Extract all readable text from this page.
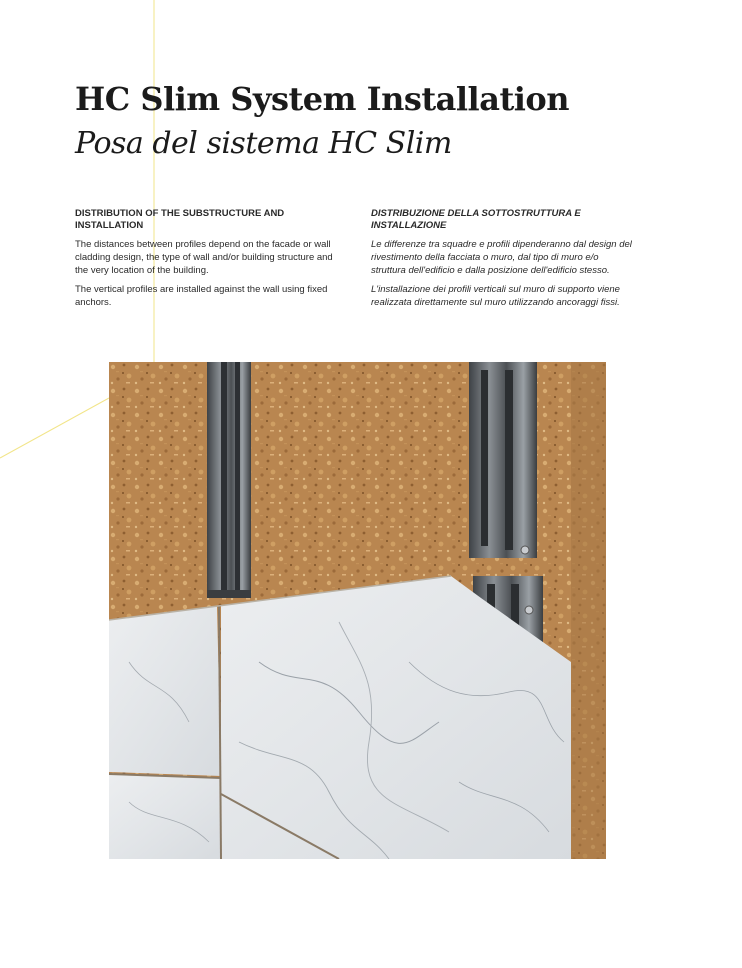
HC Slim System Installation
Posa del sistema HC Slim
DISTRIBUTION OF THE SUBSTRUCTURE AND INSTALLATION

The distances between profiles depend on the facade or wall cladding design, the type of wall and/or building structure and the very location of the building.

The vertical profiles are installed against the wall using fixed anchors.

DISTRIBUZIONE DELLA SOTTOSTRUTTURA E INSTALLAZIONE

Le differenze tra squadre e profili dipenderanno dal design del rivestimento della facciata o muro, dal tipo di muro e/o struttura dell'edificio e dalla posizione dell'edificio stesso.

L'installazione dei profili verticali sul muro di supporto viene realizzata direttamente sul muro utilizzando ancoraggi fissi.
